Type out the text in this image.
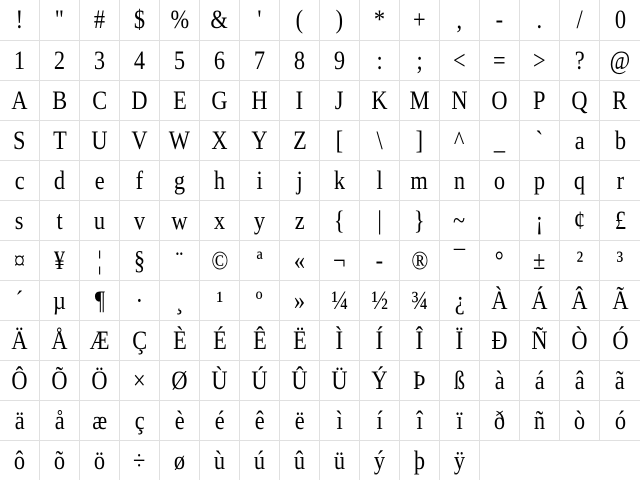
! " # $ % & ' ( ) * + , - . / 0
1 2 3 4 5 6 7 8 9 : ; < = > ? @
A B C D E G H I J K M N O P Q R
S T U V W X Y Z [ \ ] ^ _ ` a b
c d e f g h i j k l m n o p q r
s t u v w x y z { | } ~	¡ ¢ £
¤ ¥ ¦ § ¨ © ª « ¬ - ® ¯ ° ± ² ³
´ µ ¶ · ¸ ¹ º » ¼ ½ ¾ ¿ À Á Â Ã
Ä Å Æ Ç È É Ê Ë Ì Í Î Ï Ð Ñ Ò Ó
Ô Õ Ö × Ø Ù Ú Û Ü Ý Þ ß à á â ã
ä å æ ç è é ê ë ì í î ï ð ñ ò ó
ô õ ö ÷ ø ù ú û ü ý þ ÿ
